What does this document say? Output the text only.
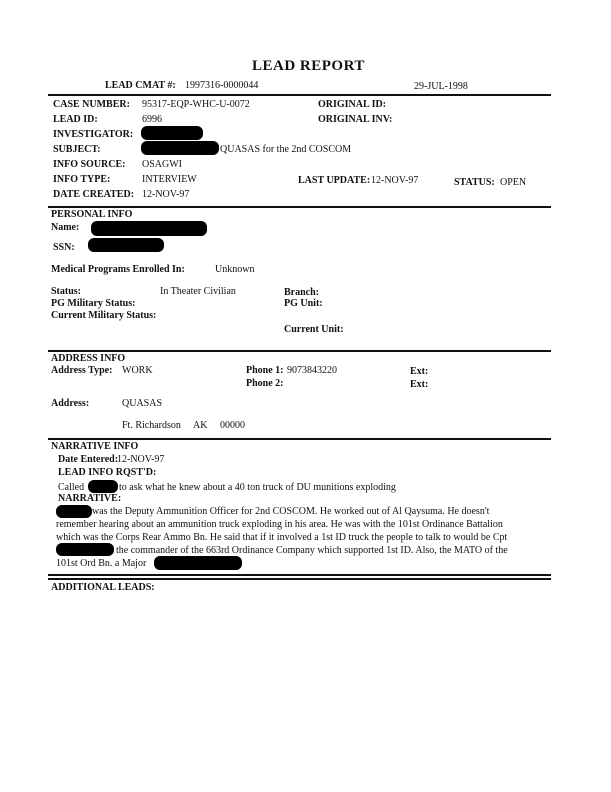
LEAD REPORT
LEAD CMAT #: 1997316-0000044	29-JUL-1998
CASE NUMBER: 95317-EQP-WHC-U-0072	ORIGINAL ID:
LEAD ID:	6996	ORIGINAL INV:
INVESTIGATOR:
SUBJECT:	QUASAS for the 2nd COSCOM
INFO SOURCE: OSAGWI
INFO TYPE:	INTERVIEW	LAST UPDATE: 12-NOV-97	STATUS: OPEN
DATE CREATED: 12-NOV-97
PERSONAL INFO
Name:
SSN:
Medical Programs Enrolled In:	Unknown
Status:	In Theater Civilian	Branch:
PG Military Status:	PG Unit:
Current Military Status:
Current Unit:
ADDRESS INFO
Address Type: WORK	Phone 1: 9073843220	Ext:
Phone 2:	Ext:
Address:	QUASAS
Ft. Richardson AK 00000
NARRATIVE INFO
Date Entered:
12-NOV-97
LEAD INFO RQST'D:
Called	to ask what he knew about a 40 ton truck of DU munitions exploding
NARRATIVE:
was the Deputy Ammunition Officer for 2nd COSCOM. He worked out of Al Qaysuma. He doesn't
remember hearing about an ammunition truck exploding in his area. He was with the 101st Ordinance Battalion
which was the Corps Rear Ammo Bn. He said that if it involved a 1st ID truck the people to talk to would be Cpt
the commander of the 663rd Ordinance Company which supported 1st ID. Also, the MATO of the
101st Ord Bn. a Major
ADDITIONAL LEADS:
